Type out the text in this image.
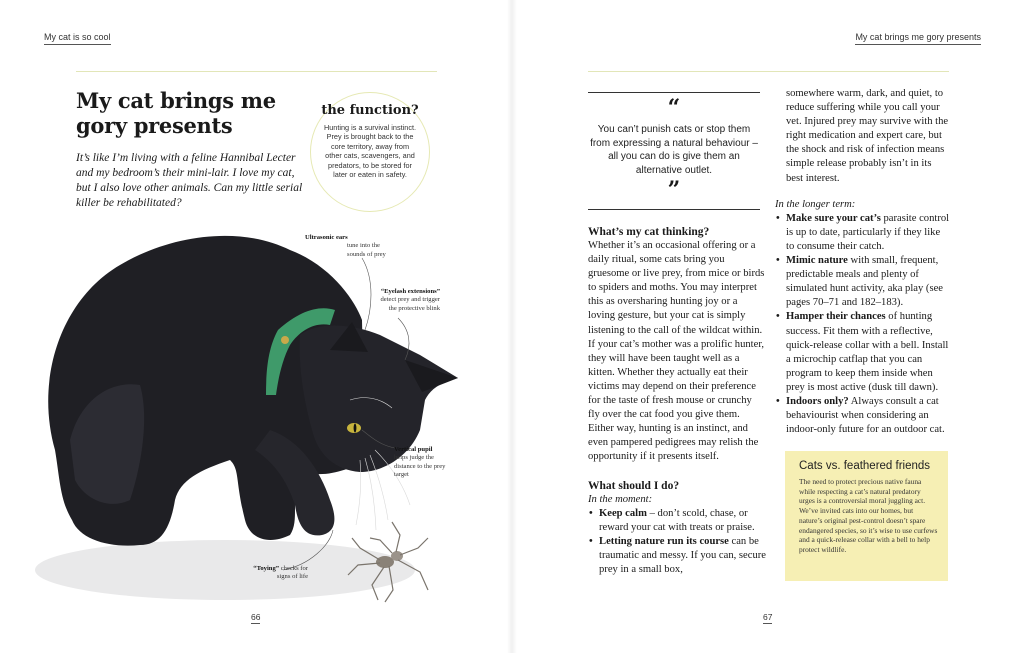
My cat is so cool
My cat brings me gory presents

It’s like I’m living with a feline Hannibal Lecter and my bedroom’s their mini-lair. I love my cat, but I also love other animals. Can my little serial killer be rehabilitated?

the function?
Hunting is a survival instinct. Prey is brought back to the core territory, away from other cats, scavengers, and predators, to be stored for later or eaten in safety.
Ultrasonic ears
tune into the sounds of prey
“Eyelash extensions” detect prey and trigger the protective blink
Vertical pupil helps judge the distance to the prey target
“Toying” checks for signs of life
66
My cat brings me gory presents
“
You can’t punish cats or stop them from expressing a natural behaviour – all you can do is give them an alternative outlet.
”
What’s my cat thinking?

Whether it’s an occasional offering or a daily ritual, some cats bring you gruesome or live prey, from mice or birds to spiders and moths. You may interpret this as oversharing hunting joy or a loving gesture, but your cat is simply listening to the call of the wildcat within. If your cat’s mother was a prolific hunter, they will have been taught well as a kitten. Whether they actually eat their victims may depend on their preference for the taste of fresh mouse or crunchy fly over the cat food you give them. Either way, hunting is an instinct, and even pampered pedigrees may relish the opportunity if it presents itself.

What should I do?

In the moment:

• Keep calm – don’t scold, chase, or reward your cat with treats or praise.
• Letting nature run its course can be traumatic and messy. If you can, secure prey in a small box,

somewhere warm, dark, and quiet, to reduce suffering while you call your vet. Injured prey may survive with the right medication and expert care, but the shock and risk of infection means simple release probably isn’t in its best interest.

In the longer term:

• Make sure your cat’s parasite control is up to date, particularly if they like to consume their catch.
• Mimic nature with small, frequent, predictable meals and plenty of simulated hunt activity, aka play (see pages 70–71 and 182–183).
• Hamper their chances of hunting success. Fit them with a reflective, quick-release collar with a bell. Install a microchip catflap that you can program to keep them inside when prey is most active (dusk till dawn).
• Indoors only? Always consult a cat behaviourist when considering an indoor-only future for an outdoor cat.
Cats vs. feathered friends
The need to protect precious native fauna while respecting a cat’s natural predatory urges is a controversial moral juggling act. We’ve invited cats into our homes, but nature’s original pest-control doesn’t spare endangered species, so it’s wise to use curfews and a quick-release collar with a bell to help protect wildlife.
67
